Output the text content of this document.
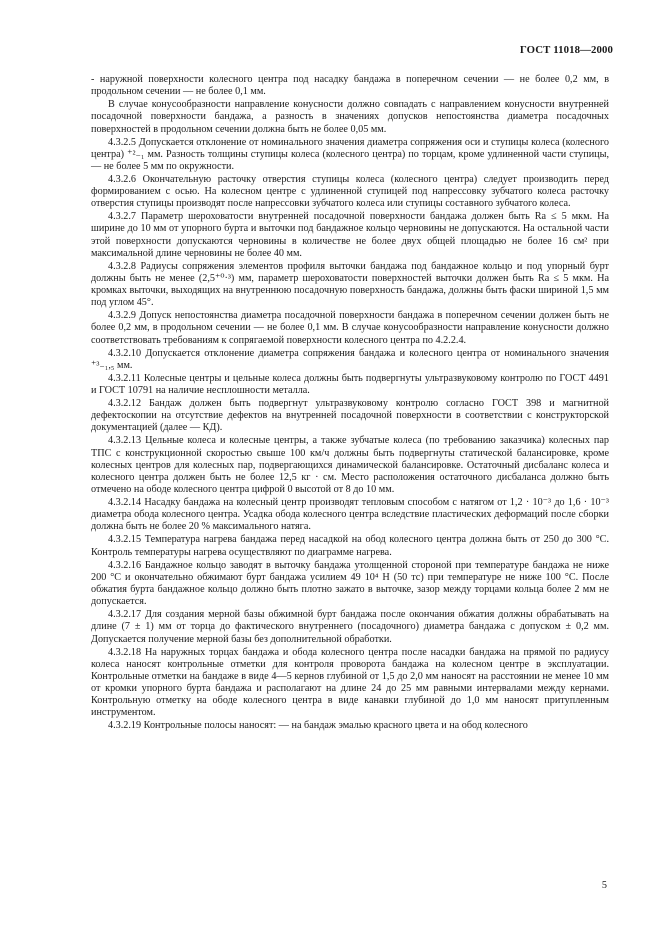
ГОСТ 11018—2000

- наружной поверхности колесного центра под насадку бандажа в поперечном сечении — не более 0,2 мм, в продольном сечении — не более 0,1 мм.

В случае конусообразности направление конусности должно совпадать с направлением конусности внутренней посадочной поверхности бандажа, а разность в значениях допусков непостоянства диаметра посадочных поверхностей в продольном сечении должна быть не более 0,05 мм.

4.3.2.5 Допускается отклонение от номинального значения диаметра сопряжения оси и ступицы колеса (колесного центра) ⁺²₋₁ мм. Разность толщины ступицы колеса (колесного центра) по торцам, кроме удлиненной части ступицы, — не более 5 мм по окружности.

4.3.2.6 Окончательную расточку отверстия ступицы колеса (колесного центра) следует производить перед формированием с осью. На колесном центре с удлиненной ступицей под напрессовку зубчатого колеса расточку отверстия ступицы производят после напрессовки зубчатого колеса или ступицы составного зубчатого колеса.

4.3.2.7 Параметр шероховатости внутренней посадочной поверхности бандажа должен быть Ra ≤ 5 мкм. На ширине до 10 мм от упорного бурта и выточки под бандажное кольцо черновины не допускаются. На остальной части этой поверхности допускаются черновины в количестве не более двух общей площадью не более 16 см² при максимальной длине черновины не более 40 мм.

4.3.2.8 Радиусы сопряжения элементов профиля выточки бандажа под бандажное кольцо и под упорный бурт должны быть не менее (2,5⁺⁰·³) мм, параметр шероховатости поверхностей выточки должен быть Ra ≤ 5 мкм. На кромках выточки, выходящих на внутреннюю посадочную поверхность бандажа, должны быть фаски шириной 1,5 мм под углом 45°.

4.3.2.9 Допуск непостоянства диаметра посадочной поверхности бандажа в поперечном сечении должен быть не более 0,2 мм, в продольном сечении — не более 0,1 мм. В случае конусообразности направление конусности должно соответствовать требованиям к сопрягаемой поверхности колесного центра по 4.2.2.4.

4.3.2.10 Допускается отклонение диаметра сопряжения бандажа и колесного центра от номинального значения ⁺³₋₁,₅ мм.

4.3.2.11 Колесные центры и цельные колеса должны быть подвергнуты ультразвуковому контролю по ГОСТ 4491 и ГОСТ 10791 на наличие несплошности металла.

4.3.2.12 Бандаж должен быть подвергнут ультразвуковому контролю согласно ГОСТ 398 и магнитной дефектоскопии на отсутствие дефектов на внутренней посадочной поверхности в соответствии с конструкторской документацией (далее — КД).

4.3.2.13 Цельные колеса и колесные центры, а также зубчатые колеса (по требованию заказчика) колесных пар ТПС с конструкционной скоростью свыше 100 км/ч должны быть подвергнуты статической балансировке, кроме колесных центров для колесных пар, подвергающихся динамической балансировке. Остаточный дисбаланс колеса и колесного центра должен быть не более 12,5 кг · см. Место расположения остаточного дисбаланса должно быть отмечено на ободе колесного центра цифрой 0 высотой от 8 до 10 мм.

4.3.2.14 Насадку бандажа на колесный центр производят тепловым способом с натягом от 1,2 · 10⁻³ до 1,6 · 10⁻³ диаметра обода колесного центра. Усадка обода колесного центра вследствие пластических деформаций после сборки должна быть не более 20 % максимального натяга.

4.3.2.15 Температура нагрева бандажа перед насадкой на обод колесного центра должна быть от 250 до 300 °С. Контроль температуры нагрева осуществляют по диаграмме нагрева.

4.3.2.16 Бандажное кольцо заводят в выточку бандажа утолщенной стороной при температуре бандажа не ниже 200 °С и окончательно обжимают бурт бандажа усилием 49 10⁴ Н (50 тс) при температуре не ниже 100 °С. После обжатия бурта бандажное кольцо должно быть плотно зажато в выточке, зазор между торцами кольца более 2 мм не допускается.

4.3.2.17 Для создания мерной базы обжимной бурт бандажа после окончания обжатия должны обрабатывать на длине (7 ± 1) мм от торца до фактического внутреннего (посадочного) диаметра бандажа с допуском ± 0,2 мм. Допускается получение мерной базы без дополнительной обработки.

4.3.2.18 На наружных торцах бандажа и обода колесного центра после насадки бандажа на прямой по радиусу колеса наносят контрольные отметки для контроля проворота бандажа на колесном центре в эксплуатации. Контрольные отметки на бандаже в виде 4—5 кернов глубиной от 1,5 до 2,0 мм наносят на расстоянии не менее 10 мм от кромки упорного бурта бандажа и располагают на длине 24 до 25 мм равными интервалами между кернами. Контрольную отметку на ободе колесного центра в виде канавки глубиной до 1,0 мм наносят притупленным инструментом.

4.3.2.19 Контрольные полосы наносят: — на бандаж эмалью красного цвета и на обод колесного

5
